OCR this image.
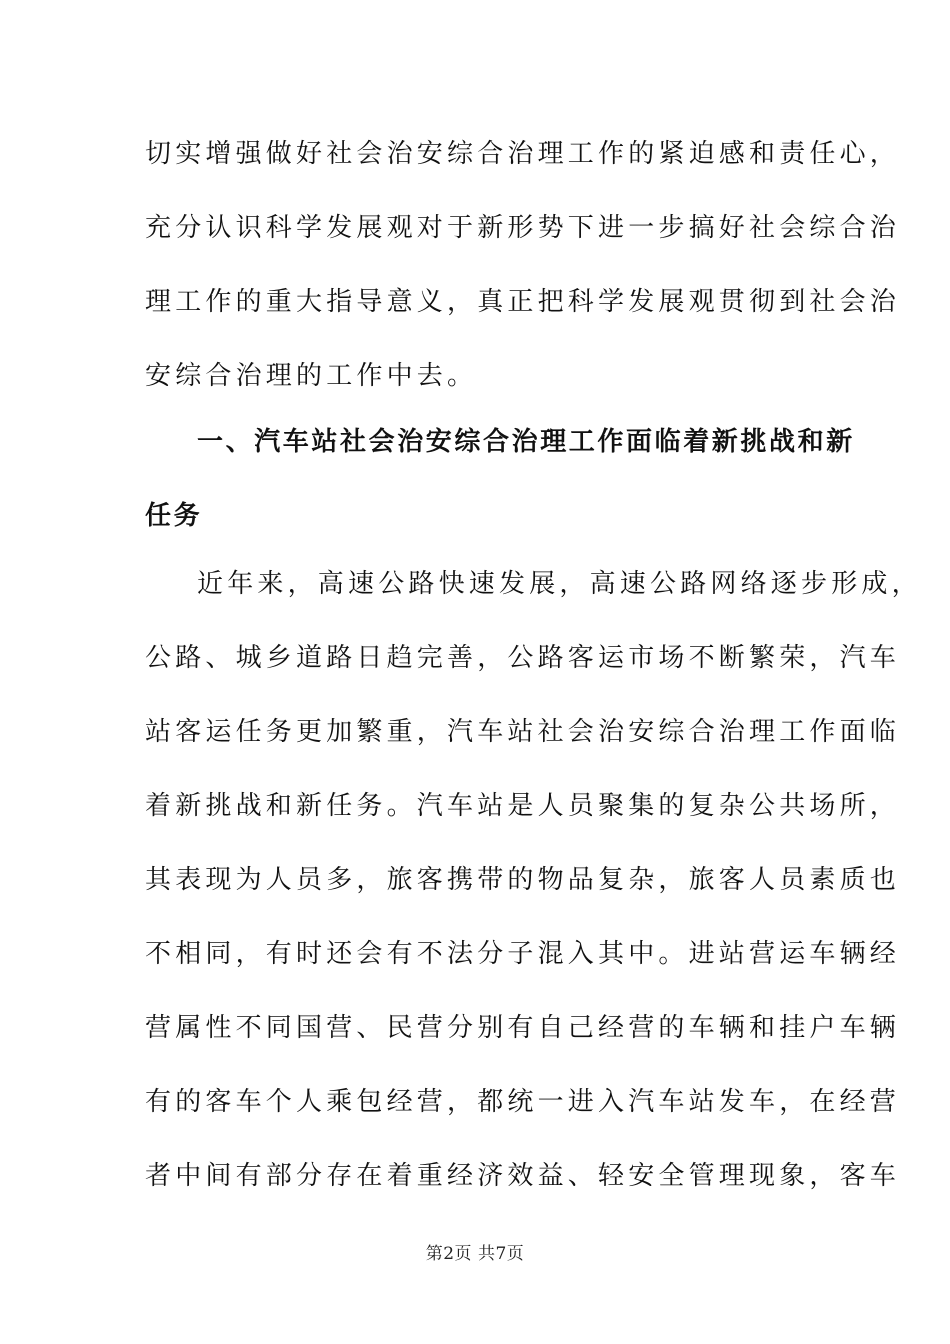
切实增强做好社会治安综合治理工作的紧迫感和责任心，
充分认识科学发展观对于新形势下进一步搞好社会综合治
理工作的重大指导意义，真正把科学发展观贯彻到社会治
安综合治理的工作中去。
一、汽车站社会治安综合治理工作面临着新挑战和新
任务
近年来，高速公路快速发展，高速公路网络逐步形成，
公路、城乡道路日趋完善，公路客运市场不断繁荣，汽车
站客运任务更加繁重，汽车站社会治安综合治理工作面临
着新挑战和新任务。汽车站是人员聚集的复杂公共场所，
其表现为人员多，旅客携带的物品复杂，旅客人员素质也
不相同，有时还会有不法分子混入其中。进站营运车辆经
营属性不同国营、民营分别有自己经营的车辆和挂户车辆
有的客车个人乘包经营，都统一进入汽车站发车，在经营
者中间有部分存在着重经济效益、轻安全管理现象，客车
第2页 共7页
